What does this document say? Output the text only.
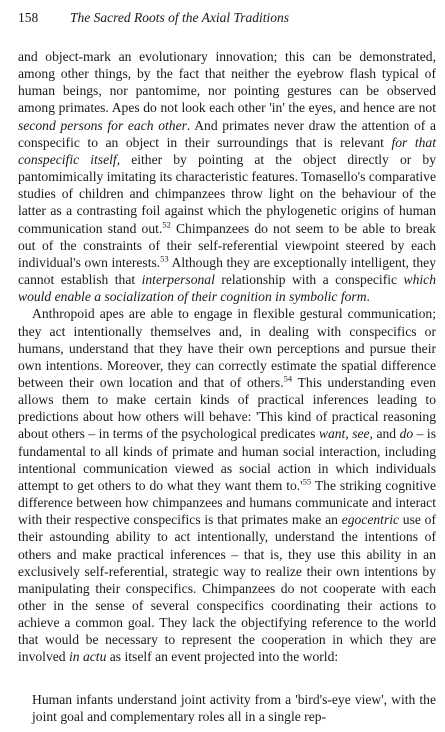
158	The Sacred Roots of the Axial Traditions

and object-mark an evolutionary innovation; this can be demonstrated, among other things, by the fact that neither the eyebrow flash typical of human beings, nor pantomime, nor pointing gestures can be observed among primates. Apes do not look each other 'in' the eyes, and hence are not second persons for each other. And primates never draw the attention of a conspecific to an object in their surroundings that is relevant for that conspecific itself, either by pointing at the object directly or by pantomimically imitating its characteristic features. Tomasello's comparative studies of children and chimpanzees throw light on the behaviour of the latter as a contrasting foil against which the phylogenetic origins of human communication stand out.$^{52}$ Chimpanzees do not seem to be able to break out of the constraints of their self-referential viewpoint steered by each individual's own interests.$^{53}$ Although they are exceptionally intelligent, they cannot establish that interpersonal relationship with a conspecific which would enable a socialization of their cognition in symbolic form.

Anthropoid apes are able to engage in flexible gestural communication; they act intentionally themselves and, in dealing with conspecifics or humans, understand that they have their own perceptions and pursue their own intentions. Moreover, they can correctly estimate the spatial difference between their own location and that of others.$^{54}$ This understanding even allows them to make certain kinds of practical inferences leading to predictions about how others will behave: 'This kind of practical reasoning about others – in terms of the psychological predicates want, see, and do – is fundamental to all kinds of primate and human social interaction, including intentional communication viewed as social action in which individuals attempt to get others to do what they want them to.'$^{55}$ The striking cognitive difference between how chimpanzees and humans communicate and interact with their respective conspecifics is that primates make an egocentric use of their astounding ability to act intentionally, understand the intentions of others and make practical inferences – that is, they use this ability in an exclusively self-referential, strategic way to realize their own intentions by manipulating their conspecifics. Chimpanzees do not cooperate with each other in the sense of several conspecifics coordinating their actions to achieve a common goal. They lack the objectifying reference to the world that would be necessary to represent the cooperation in which they are involved in actu as itself an event projected into the world:

Human infants understand joint activity from a 'bird's-eye view', with the joint goal and complementary roles all in a single rep-
